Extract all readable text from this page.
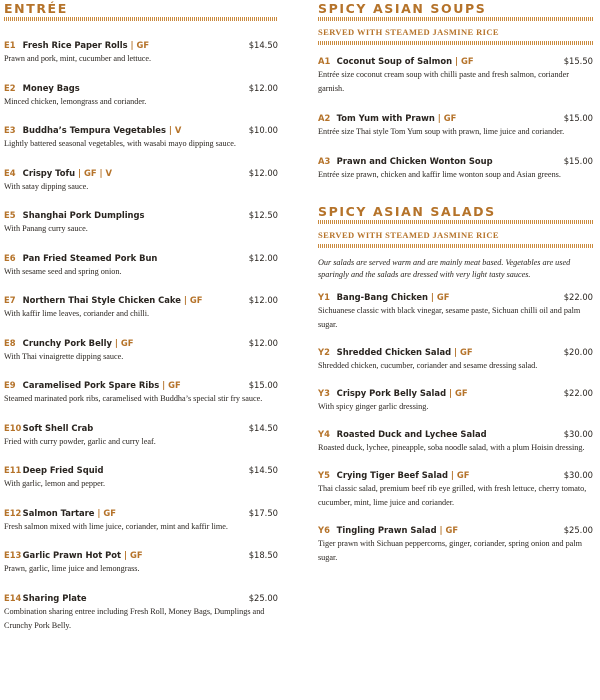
ENTRÉE
E1 Fresh Rice Paper Rolls | GF	$14.50
Prawn and pork, mint, cucumber and lettuce.
E2 Money Bags	$12.00
Minced chicken, lemongrass and coriander.
E3 Buddha’s Tempura Vegetables | V	$10.00
Lightly battered seasonal vegetables, with wasabi mayo dipping sauce.
E4 Crispy Tofu | GF | V	$12.00
With satay dipping sauce.
E5 Shanghai Pork Dumplings	$12.50
With Panang curry sauce.
E6 Pan Fried Steamed Pork Bun	$12.00
With sesame seed and spring onion.
E7 Northern Thai Style Chicken Cake | GF	$12.00
With kaffir lime leaves, coriander and chilli.
E8 Crunchy Pork Belly | GF	$12.00
With Thai vinaigrette dipping sauce.
E9 Caramelised Pork Spare Ribs | GF	$15.00
Steamed marinated pork ribs, caramelised with Buddha’s special stir fry sauce.
E10 Soft Shell Crab	$14.50
Fried with curry powder, garlic and curry leaf.
E11 Deep Fried Squid	$14.50
With garlic, lemon and pepper.
E12 Salmon Tartare | GF	$17.50
Fresh salmon mixed with lime juice, coriander, mint and kaffir lime.
E13 Garlic Prawn Hot Pot | GF	$18.50
Prawn, garlic, lime juice and lemongrass.
E14 Sharing Plate	$25.00
Combination sharing entree including Fresh Roll, Money Bags, Dumplings and Crunchy Pork Belly.
SPICY ASIAN SOUPS
SERVED WITH STEAMED JASMINE RICE
A1 Coconut Soup of Salmon | GF	$15.50
Entrée size coconut cream soup with chilli paste and fresh salmon, coriander garnish.
A2 Tom Yum with Prawn | GF	$15.00
Entrée size Thai style Tom Yum soup with prawn, lime juice and coriander.
A3 Prawn and Chicken Wonton Soup	$15.00
Entrée size prawn, chicken and kaffir lime wonton soup and Asian greens.
SPICY ASIAN SALADS
SERVED WITH STEAMED JASMINE RICE
Our salads are served warm and are mainly meat based. Vegetables are used sparingly and the salads are dressed with very light tasty sauces.
Y1 Bang-Bang Chicken | GF	$22.00
Sichuanese classic with black vinegar, sesame paste, Sichuan chilli oil and palm sugar.
Y2 Shredded Chicken Salad | GF	$20.00
Shredded chicken, cucumber, coriander and sesame dressing salad.
Y3 Crispy Pork Belly Salad | GF	$22.00
With spicy ginger garlic dressing.
Y4 Roasted Duck and Lychee Salad	$30.00
Roasted duck, lychee, pineapple, soba noodle salad, with a plum Hoisin dressing.
Y5 Crying Tiger Beef Salad | GF	$30.00
Thai classic salad, premium beef rib eye grilled, with fresh lettuce, cherry tomato, cucumber, mint, lime juice and coriander.
Y6 Tingling Prawn Salad | GF	$25.00
Tiger prawn with Sichuan peppercorns, ginger, coriander, spring onion and palm sugar.
